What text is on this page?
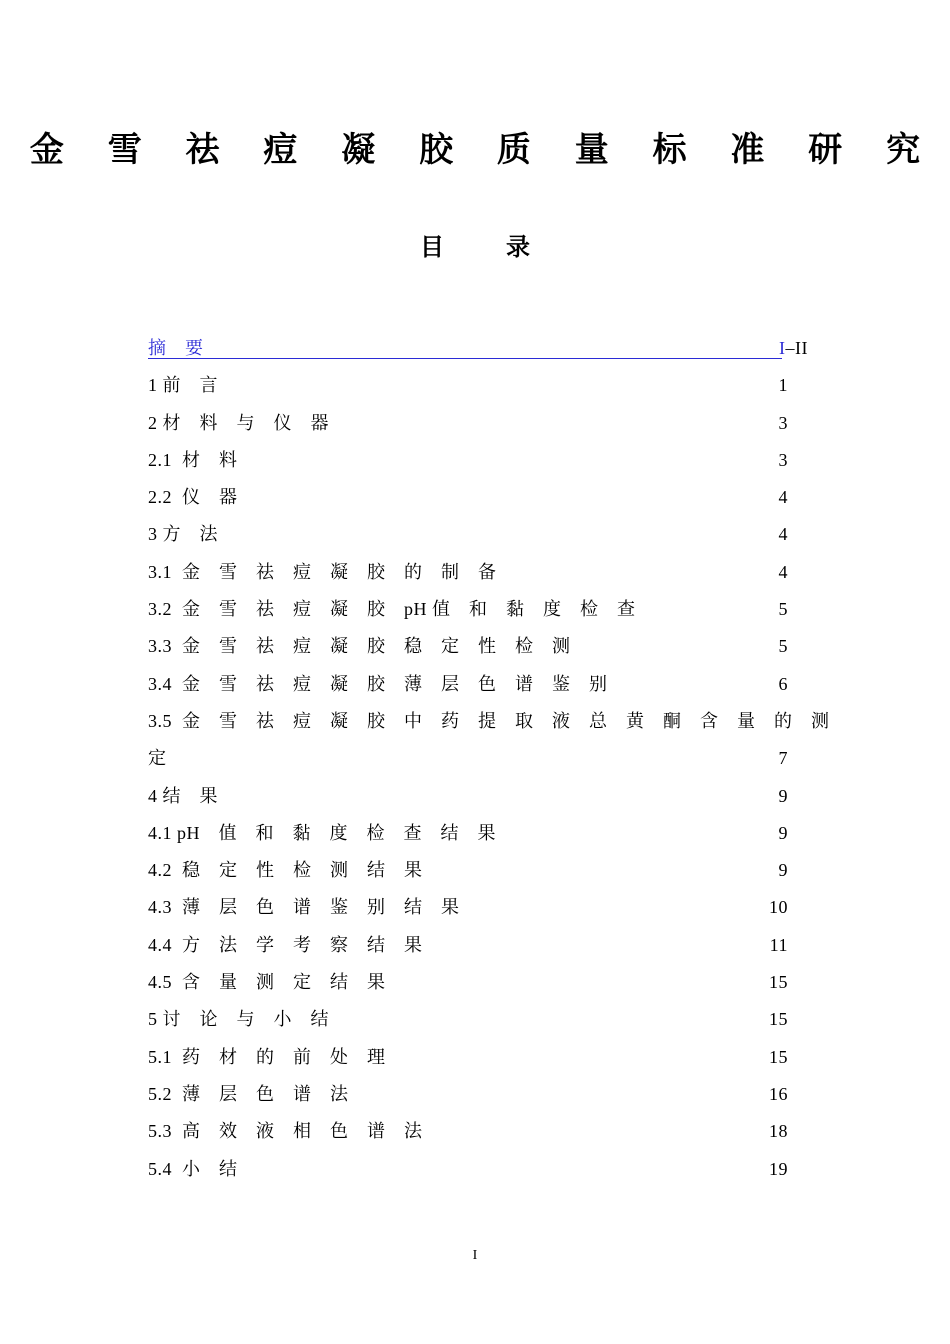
金 雪 祛 痘 凝 胶 质 量 标 准 研 究
目	录
摘　要	I–II
1 前　言	1
2 材　料　与　仪　器	3
2.1  材　料	3
2.2  仪　器	4
3 方　法	4
3.1  金　雪　祛　痘　凝　胶　的　制　备	4
3.2  金　雪　祛　痘　凝　胶　pH 值　和　黏　度　检　查	5
3.3  金　雪　祛　痘　凝　胶　稳　定　性　检　测	5
3.4  金　雪　祛　痘　凝　胶　薄　层　色　谱　鉴　别	6
3.5  金　雪　祛　痘　凝　胶　中　药　提　取　液　总　黄　酮　含　量　的　测
定	7
4 结　果	9
4.1 pH　值　和　黏　度　检　查　结　果	9
4.2  稳　定　性　检　测　结　果	9
4.3  薄　层　色　谱　鉴　别　结　果	10
4.4  方　法　学　考　察　结　果	11
4.5  含　量　测　定　结　果	15
5 讨　论　与　小　结	15
5.1  药　材　的　前　处　理	15
5.2  薄　层　色　谱　法	16
5.3  高　效　液　相　色　谱　法	18
5.4  小　结	19
I
